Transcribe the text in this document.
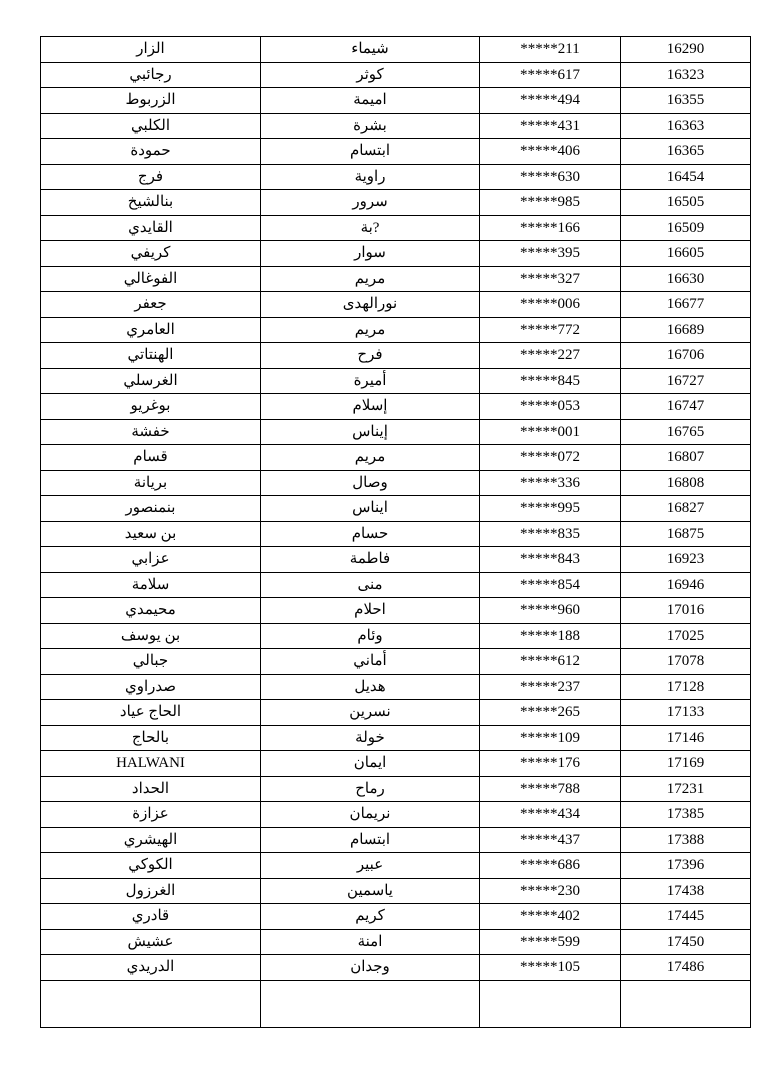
الزار	شيماء	*****211	16290
رجائبي	كوثر	*****617	16323
الزربوط	اميمة	*****494	16355
الكلبي	بشرة	*****431	16363
حمودة	ابتسام	*****406	16365
فرج	راوية	*****630	16454
بنالشيخ	سرور	*****985	16505
القايدي	?بة	*****166	16509
كريفي	سوار	*****395	16605
الفوغالي	مريم	*****327	16630
جعفر	نورالهدى	*****006	16677
العامري	مريم	*****772	16689
الهنتاتي	فرح	*****227	16706
الغرسلي	أميرة	*****845	16727
بوغريو	إسلام	*****053	16747
خفشة	إيناس	*****001	16765
قسام	مريم	*****072	16807
بريانة	وصال	*****336	16808
بنمنصور	ايناس	*****995	16827
بن سعيد	حسام	*****835	16875
عزابي	فاطمة	*****843	16923
سلامة	منى	*****854	16946
محيمدي	احلام	*****960	17016
بن يوسف	وئام	*****188	17025
جبالي	أماني	*****612	17078
صدراوي	هديل	*****237	17128
الحاج عياد	نسرين	*****265	17133
بالحاج	خولة	*****109	17146
HALWANI	ايمان	*****176	17169
الحداد	رماح	*****788	17231
عزازة	نريمان	*****434	17385
الهيشري	ابتسام	*****437	17388
الكوكي	عبير	*****686	17396
الغرزول	ياسمين	*****230	17438
قادري	كريم	*****402	17445
عشيش	امنة	*****599	17450
الدريدي	وجدان	*****105	17486
